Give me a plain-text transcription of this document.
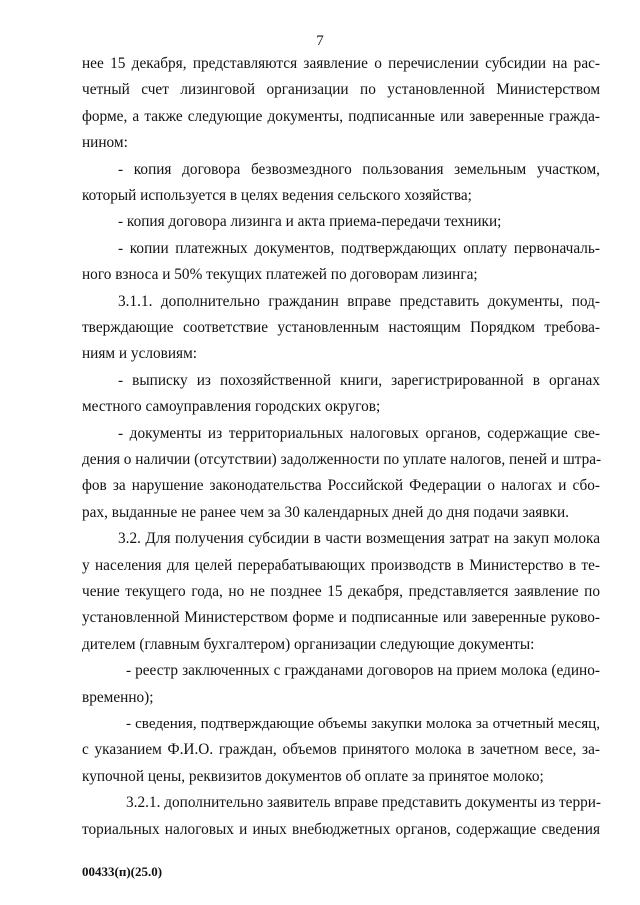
7
нее 15 декабря, представляются заявление о перечислении субсидии на рас-
четный счет лизинговой организации по установленной Министерством
форме, а также следующие документы, подписанные или заверенные гражда-
нином:
- копия договора безвозмездного пользования земельным участком,
который используется в целях ведения сельского хозяйства;
- копия договора лизинга и акта приема-передачи техники;
- копии платежных документов, подтверждающих оплату первоначаль-
ного взноса и 50% текущих платежей по договорам лизинга;
3.1.1. дополнительно гражданин вправе представить документы, под-
тверждающие соответствие установленным настоящим Порядком требова-
ниям и условиям:
- выписку из похозяйственной книги, зарегистрированной в органах
местного самоуправления городских округов;
- документы из территориальных налоговых органов, содержащие све-
дения о наличии (отсутствии) задолженности по уплате налогов, пеней и штра-
фов за нарушение законодательства Российской Федерации о налогах и сбо-
рах, выданные не ранее чем за 30 календарных дней до дня подачи заявки.
3.2. Для получения субсидии в части возмещения затрат на закуп молока
у населения для целей перерабатывающих производств в Министерство в те-
чение текущего года, но не позднее 15 декабря, представляется заявление по
установленной Министерством форме и подписанные или заверенные руково-
дителем (главным бухгалтером) организации следующие документы:
- реестр заключенных с гражданами договоров на прием молока (едино-
временно);
- сведения, подтверждающие объемы закупки молока за отчетный месяц,
с указанием Ф.И.О. граждан, объемов принятого молока в зачетном весе, за-
купочной цены, реквизитов документов об оплате за принятое молоко;
3.2.1. дополнительно заявитель вправе представить документы из терри-
ториальных налоговых и иных внебюджетных органов, содержащие сведения
00433(п)(25.0)
